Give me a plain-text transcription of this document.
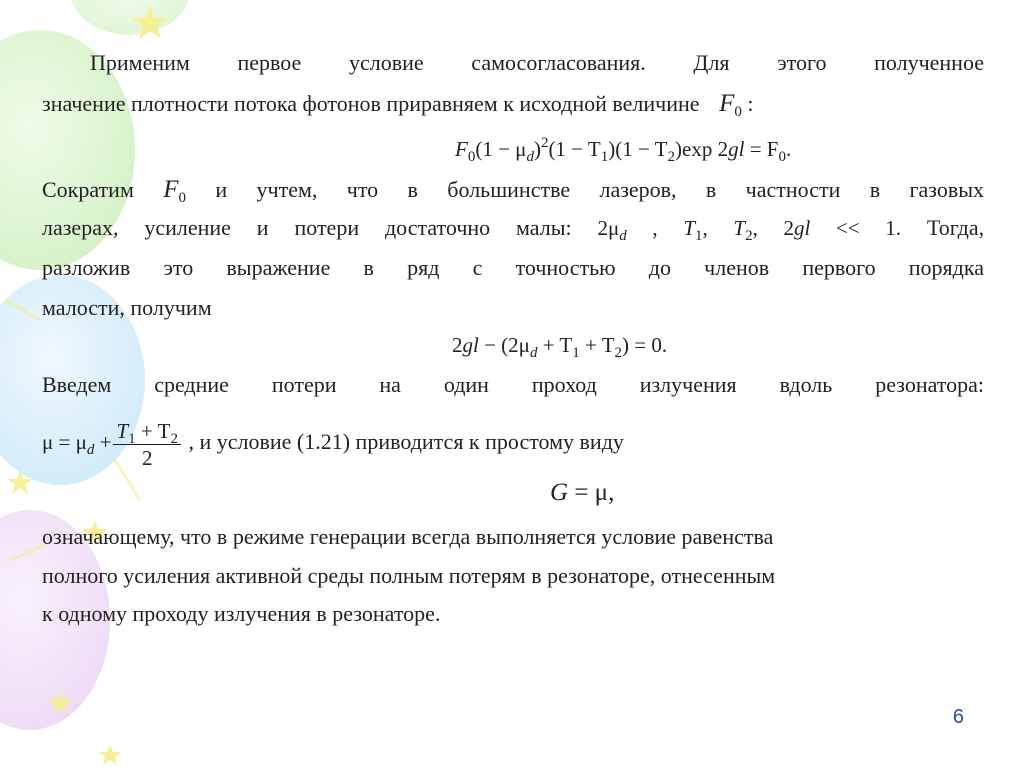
Применим первое условие самосогласования. Для этого полученное
значение плотности потока фотонов приравняем к исходной величине $F_0$ :
$F_0(1 - \mu_d)^2(1 - T_1)(1 - T_2)\exp$ $2gl = F_0$.
Сократим $F_0$ и учтем, что в большинстве лазеров, в частности в газовых
лазерах, усиление и потери достаточно малы: $2\mu_d$ , $T_1$, $T_2$, 2gl << 1. Тогда,
разложив это выражение в ряд с точностью до членов первого порядка
малости, получим
$2gl - (2\mu_d + T_1 + T_2) = 0$.
Введем средние потери на один проход излучения вдоль резонатора:
$\mu = \mu_d + \frac{T_1 + T_2}{2}$ , и условие (1.21) приводится к простому виду
G = μ,
означающему, что в режиме генерации всегда выполняется условие равенства
полного усиления активной среды полным потерям в резонаторе, отнесенным
к одному проходу излучения в резонаторе.
6
